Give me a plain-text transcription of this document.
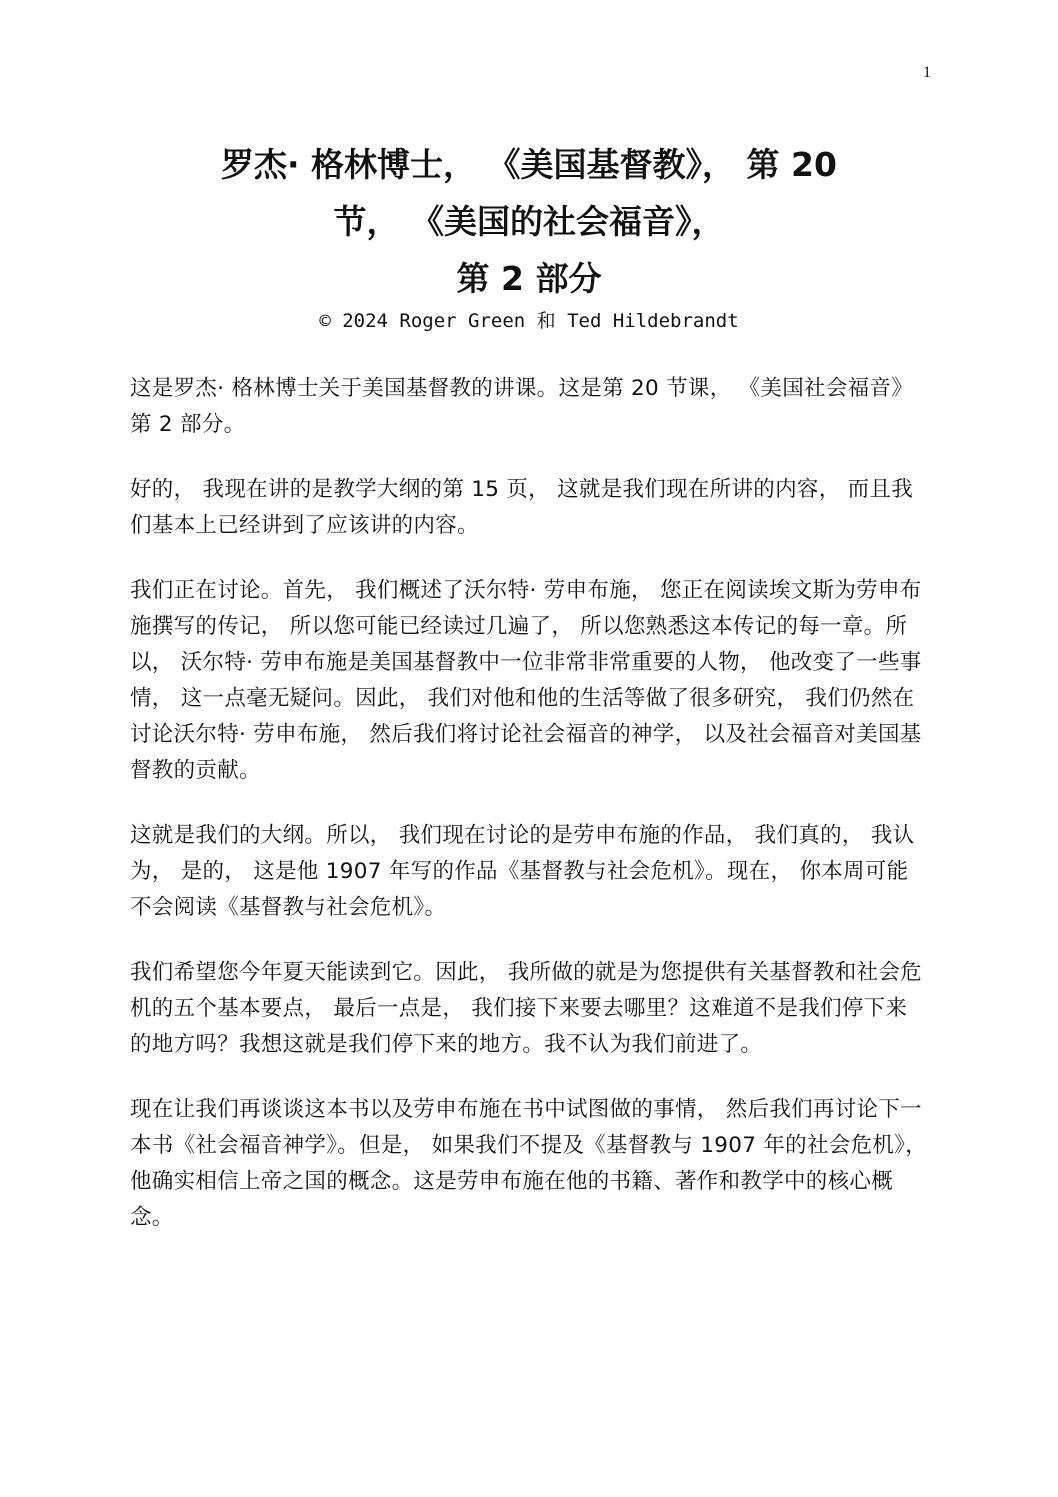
1
罗杰· 格林博士， 《美国基督教》， 第 20
节， 《美国的社会福音》，
第 2 部分
© 2024 Roger Green 和 Ted Hildebrandt

这是罗杰· 格林博士关于美国基督教的讲课。这是第 20 节课， 《美国社会福音》第 2 部分。

好的， 我现在讲的是教学大纲的第 15 页， 这就是我们现在所讲的内容， 而且我们基本上已经讲到了应该讲的内容。

我们正在讨论。首先， 我们概述了沃尔特· 劳申布施， 您正在阅读埃文斯为劳申布施撰写的传记， 所以您可能已经读过几遍了， 所以您熟悉这本传记的每一章。所以， 沃尔特· 劳申布施是美国基督教中一位非常非常重要的人物， 他改变了一些事情， 这一点毫无疑问。因此， 我们对他和他的生活等做了很多研究， 我们仍然在讨论沃尔特· 劳申布施， 然后我们将讨论社会福音的神学， 以及社会福音对美国基督教的贡献。

这就是我们的大纲。所以， 我们现在讨论的是劳申布施的作品， 我们真的， 我认为， 是的， 这是他 1907 年写的作品《基督教与社会危机》。现在， 你本周可能不会阅读《基督教与社会危机》。

我们希望您今年夏天能读到它。因此， 我所做的就是为您提供有关基督教和社会危机的五个基本要点， 最后一点是， 我们接下来要去哪里？这难道不是我们停下来的地方吗？我想这就是我们停下来的地方。我不认为我们前进了。

现在让我们再谈谈这本书以及劳申布施在书中试图做的事情， 然后我们再讨论下一本书《社会福音神学》。但是， 如果我们不提及《基督教与 1907 年的社会危机》， 他确实相信上帝之国的概念。这是劳申布施在他的书籍、著作和教学中的核心概念。
